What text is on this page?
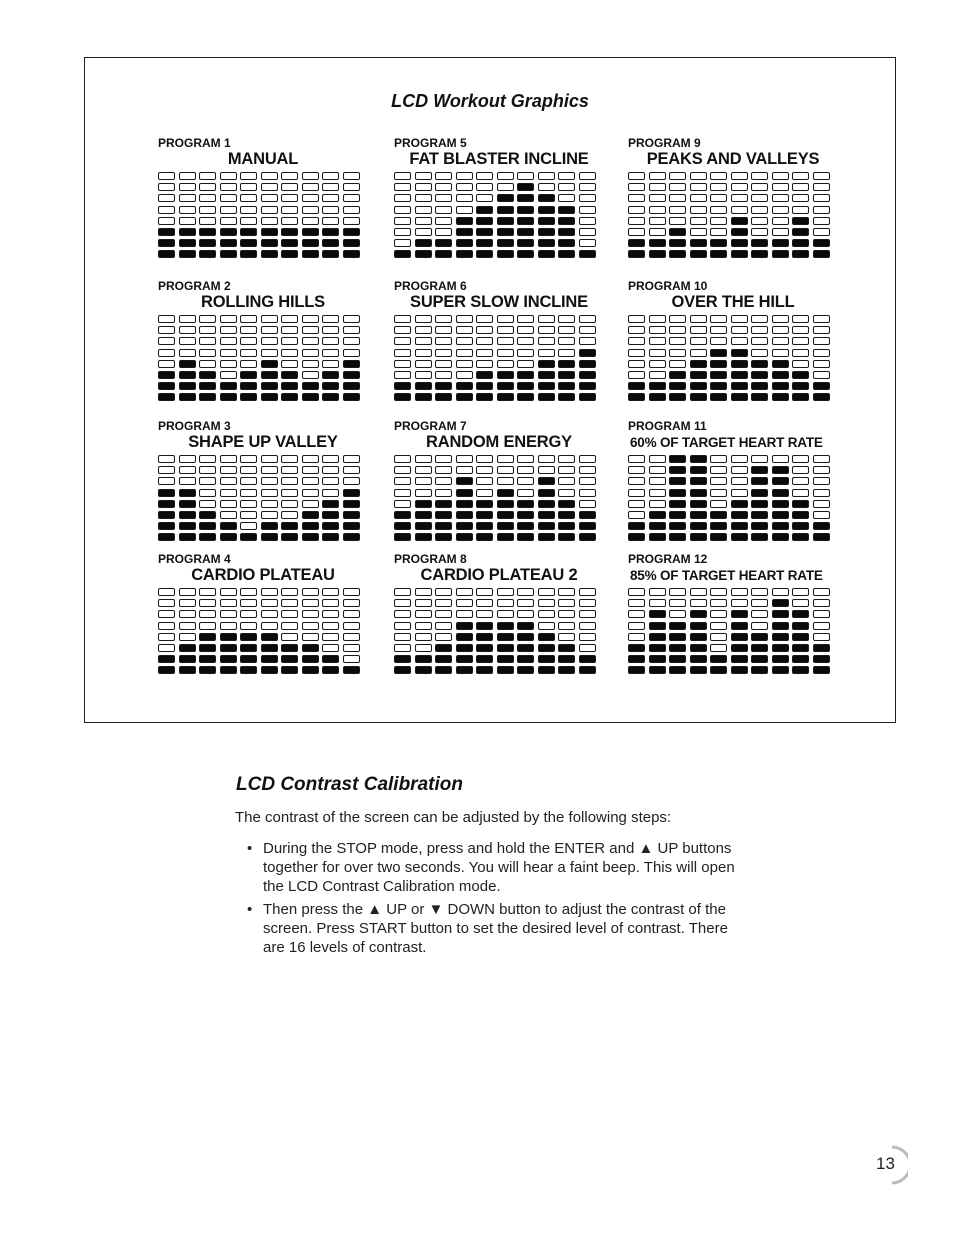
LCD Workout Graphics
PROGRAM 1
MANUAL
PROGRAM 5
FAT BLASTER INCLINE
PROGRAM 9
PEAKS AND VALLEYS
PROGRAM 2
ROLLING HILLS
PROGRAM 6
SUPER SLOW INCLINE
PROGRAM 10
OVER THE HILL
PROGRAM 3
SHAPE UP VALLEY
PROGRAM 7
RANDOM ENERGY
PROGRAM 11
60% OF TARGET HEART RATE
PROGRAM 4
CARDIO PLATEAU
PROGRAM 8
CARDIO PLATEAU 2
PROGRAM 12
85% OF TARGET HEART RATE
LCD Contrast Calibration
The contrast of the screen can be adjusted by the following steps:
• During the STOP mode, press and hold the ENTER and ▲ UP buttons together for over two seconds. You will hear a faint beep. This will open the LCD Contrast Calibration mode.
• Then press the ▲ UP or ▼ DOWN button to adjust the contrast of the screen. Press START button to set the desired level of contrast. There are 16 levels of contrast.
13
